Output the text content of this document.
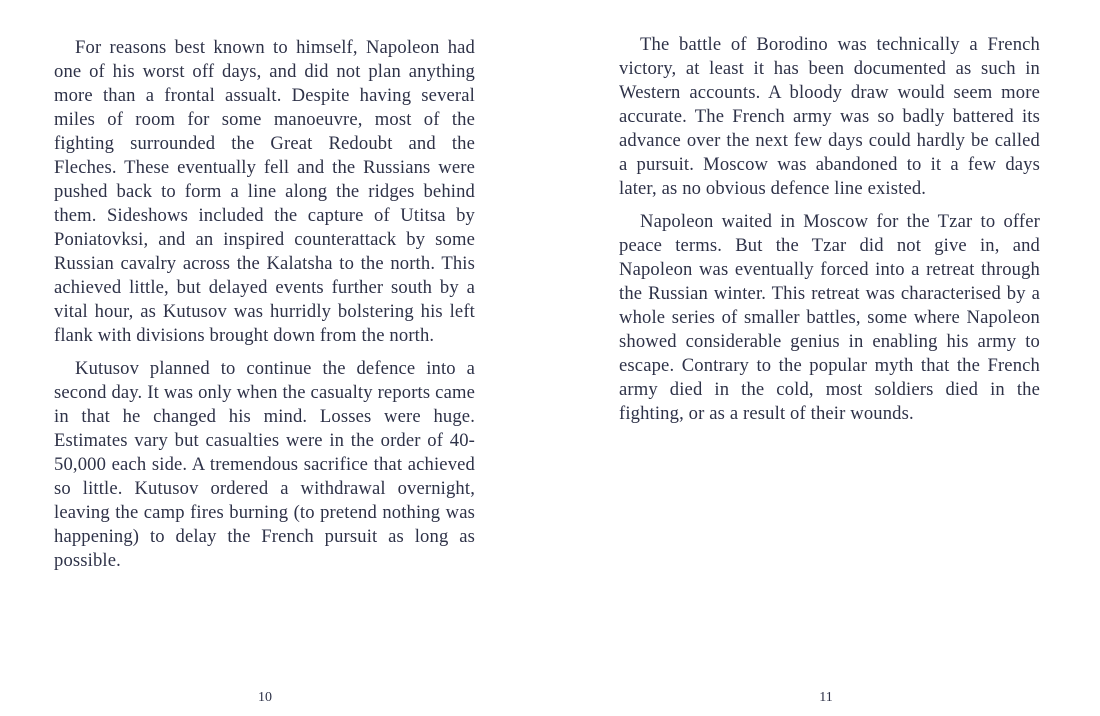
For reasons best known to himself, Napoleon had one of his worst off days, and did not plan anything more than a frontal assualt. Despite having several miles of room for some manoeuvre, most of the fighting surrounded the Great Redoubt and the Fleches. These eventually fell and the Russians were pushed back to form a line along the ridges behind them. Sideshows included the capture of Utitsa by Poniatovksi, and an inspired counterattack by some Russian cavalry across the Kalatsha to the north. This achieved little, but delayed events further south by a vital hour, as Kutusov was hurridly bolstering his left flank with divisions brought down from the north.

Kutusov planned to continue the defence into a second day. It was only when the casualty reports came in that he changed his mind. Losses were huge. Estimates vary but casualties were in the order of 40-50,000 each side. A tremendous sacrifice that achieved so little. Kutusov ordered a withdrawal overnight, leaving the camp fires burning (to pretend nothing was happening) to delay the French pursuit as long as possible.

10

The battle of Borodino was technically a French victory, at least it has been documented as such in Western accounts. A bloody draw would seem more accurate. The French army was so badly battered its advance over the next few days could hardly be called a pursuit. Moscow was abandoned to it a few days later, as no obvious defence line existed.

Napoleon waited in Moscow for the Tzar to offer peace terms. But the Tzar did not give in, and Napoleon was eventually forced into a retreat through the Russian winter. This retreat was characterised by a whole series of smaller battles, some where Napoleon showed considerable genius in enabling his army to escape. Contrary to the popular myth that the French army died in the cold, most soldiers died in the fighting, or as a result of their wounds.

11
